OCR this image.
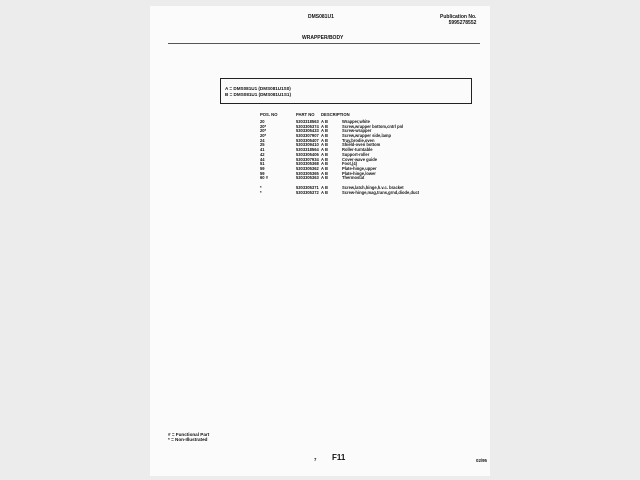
DMS081U1	Publication No.
5995278552
WRAPPER/BODY
A = DMS081U1 (DMS081U1S0)
B = DMS081U1 (DMS081U1S1)
POS. NO	PART NO DESCRIPTION
20	5303318563 A B	Wrapper,white
20*	5303305374 A B	Screw,wrapper bottom,cntrl pnl
20*	5303305433 A B	Screw-wrapper
20*	5303307907 A B	Screw,wrapper side,lamp
24	5303305407 A B	Tray,brodie,oven
25	5303309410 A B	Shield-oven bottom
41	5303318564 A B	Roller-turntable
42	5303305406 A B	Support-roller
44	5303307934 A B	Cover-wave guide
51	5303305368 A B	Foot,(4)
59	5303305362 A B	Plate-hinge,upper
59	5303305365 A B	Plate-hinge,lower
60 #	5303305363 A B	Thermostat
*	5303305371 A B	Screw,latch,hinge,h.v.c. bracket
*	5303305372 A B	Screw-hinge,mag,trans,grnd,diode,duct
# = Functional Part
* = Non-Illustrated
7 F11	02/95
